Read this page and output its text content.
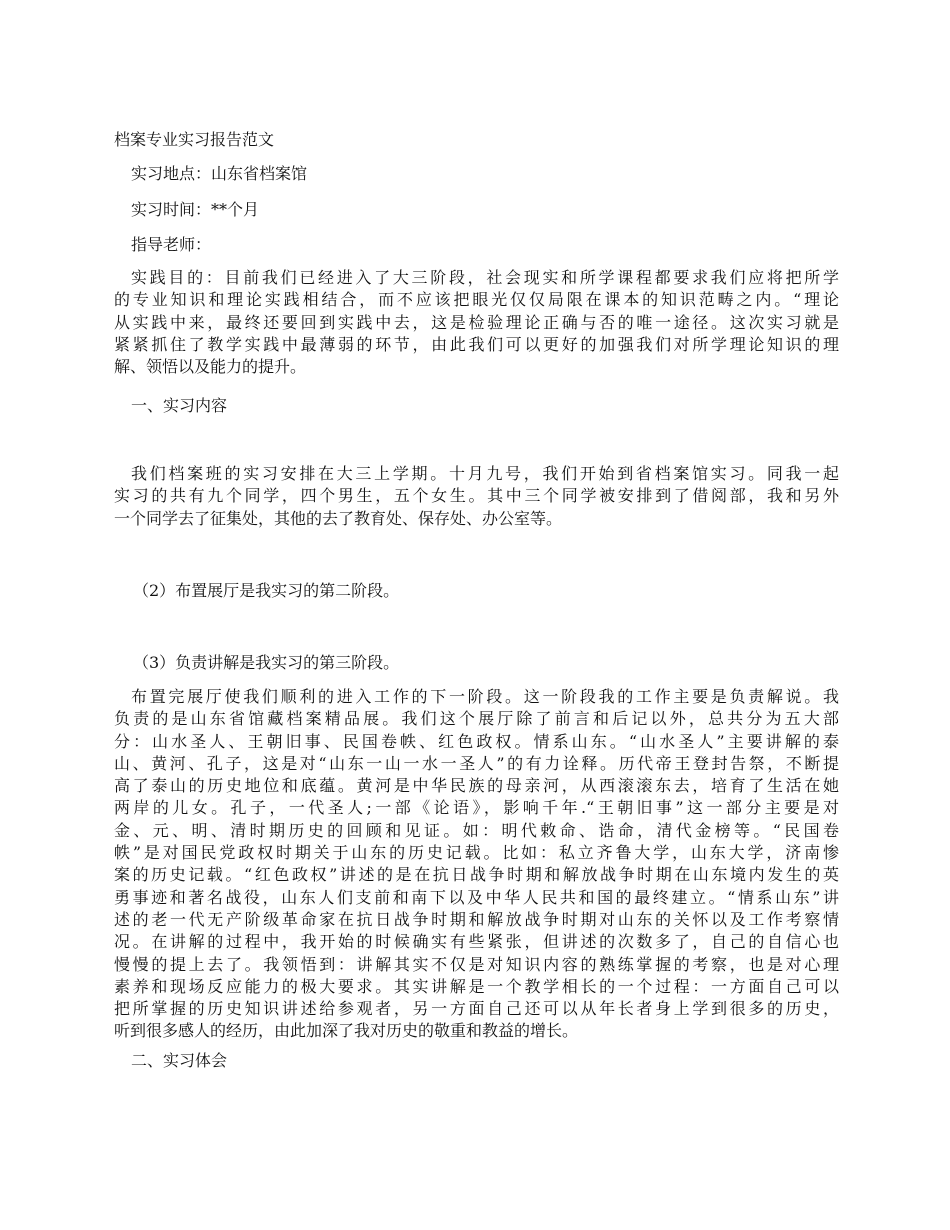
档案专业实习报告范文

实习地点：山东省档案馆

实习时间：**个月

指导老师：

实践目的：目前我们已经进入了大三阶段，社会现实和所学课程都要求我们应将把所学
的专业知识和理论实践相结合，而不应该把眼光仅仅局限在课本的知识范畴之内。“理论
从实践中来，最终还要回到实践中去，这是检验理论正确与否的唯一途径。这次实习就是
紧紧抓住了教学实践中最薄弱的环节，由此我们可以更好的加强我们对所学理论知识的理
解、领悟以及能力的提升。

一、实习内容

我们档案班的实习安排在大三上学期。十月九号，我们开始到省档案馆实习。同我一起
实习的共有九个同学，四个男生，五个女生。其中三个同学被安排到了借阅部，我和另外
一个同学去了征集处，其他的去了教育处、保存处、办公室等。

（2）布置展厅是我实习的第二阶段。

（3）负责讲解是我实习的第三阶段。

布置完展厅使我们顺利的进入工作的下一阶段。这一阶段我的工作主要是负责解说。我
负责的是山东省馆藏档案精品展。我们这个展厅除了前言和后记以外，总共分为五大部
分：山水圣人、王朝旧事、民国卷帙、红色政权。情系山东。“山水圣人”主要讲解的泰
山、黄河、孔子，这是对“山东一山一水一圣人”的有力诠释。历代帝王登封告祭，不断提
高了泰山的历史地位和底蕴。黄河是中华民族的母亲河，从西滚滚东去，培育了生活在她
两岸的儿女。孔子，一代圣人;一部《论语》，影响千年.“王朝旧事”这一部分主要是对
金、元、明、清时期历史的回顾和见证。如：明代敕命、诰命，清代金榜等。“民国卷
帙”是对国民党政权时期关于山东的历史记载。比如：私立齐鲁大学，山东大学，济南惨
案的历史记载。“红色政权”讲述的是在抗日战争时期和解放战争时期在山东境内发生的英
勇事迹和著名战役，山东人们支前和南下以及中华人民共和国的最终建立。“情系山东”讲
述的老一代无产阶级革命家在抗日战争时期和解放战争时期对山东的关怀以及工作考察情
况。在讲解的过程中，我开始的时候确实有些紧张，但讲述的次数多了，自己的自信心也
慢慢的提上去了。我领悟到：讲解其实不仅是对知识内容的熟练掌握的考察，也是对心理
素养和现场反应能力的极大要求。其实讲解是一个教学相长的一个过程：一方面自己可以
把所掌握的历史知识讲述给参观者，另一方面自己还可以从年长者身上学到很多的历史，
听到很多感人的经历，由此加深了我对历史的敬重和教益的增长。

二、实习体会
